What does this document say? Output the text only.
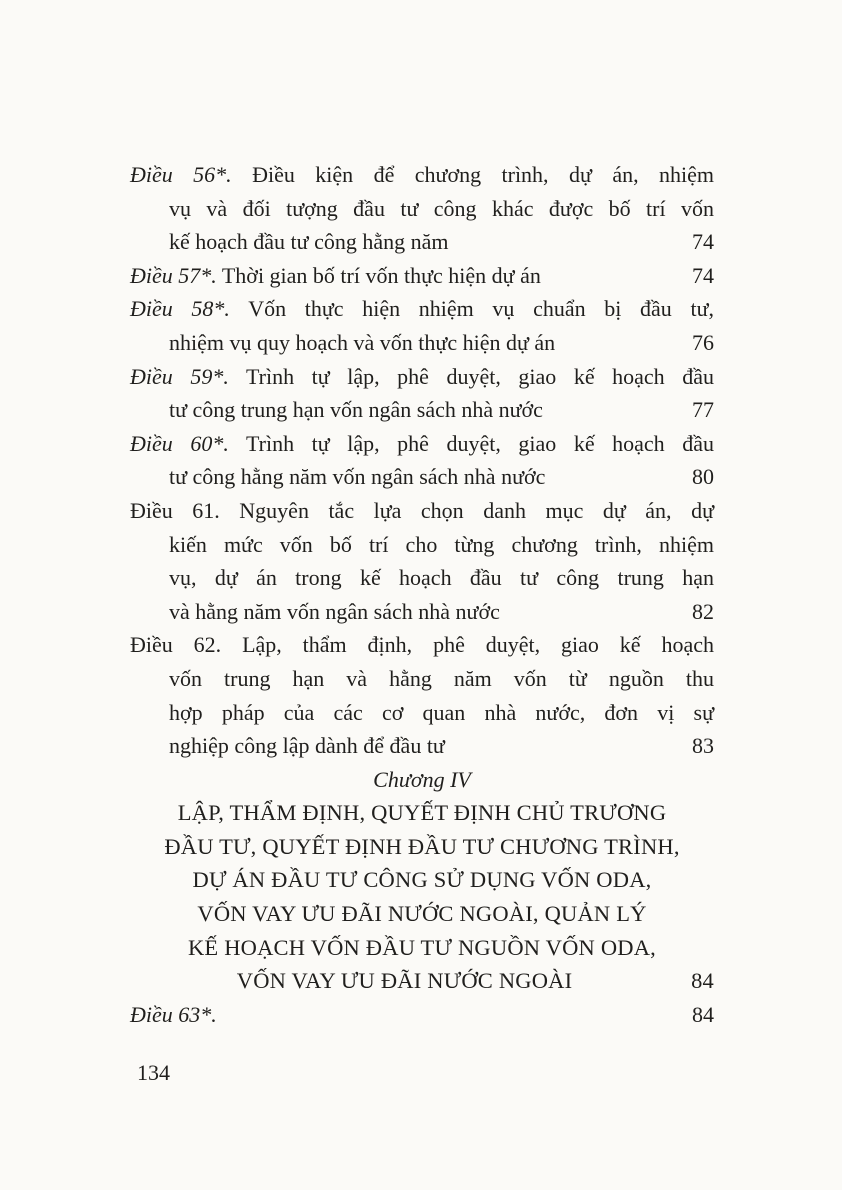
Điều 56*. Điều kiện để chương trình, dự án, nhiệm
vụ và đối tượng đầu tư công khác được bố trí vốn
kế hoạch đầu tư công hằng năm	74
Điều 57*. Thời gian bố trí vốn thực hiện dự án	74
Điều 58*. Vốn thực hiện nhiệm vụ chuẩn bị đầu tư,
nhiệm vụ quy hoạch và vốn thực hiện dự án	76
Điều 59*. Trình tự lập, phê duyệt, giao kế hoạch đầu
tư công trung hạn vốn ngân sách nhà nước	77
Điều 60*. Trình tự lập, phê duyệt, giao kế hoạch đầu
tư công hằng năm vốn ngân sách nhà nước	80
Điều 61. Nguyên tắc lựa chọn danh mục dự án, dự
kiến mức vốn bố trí cho từng chương trình, nhiệm
vụ, dự án trong kế hoạch đầu tư công trung hạn
và hằng năm vốn ngân sách nhà nước	82
Điều 62. Lập, thẩm định, phê duyệt, giao kế hoạch
vốn trung hạn và hằng năm vốn từ nguồn thu
hợp pháp của các cơ quan nhà nước, đơn vị sự
nghiệp công lập dành để đầu tư	83
Chương IV
LẬP, THẨM ĐỊNH, QUYẾT ĐỊNH CHỦ TRƯƠNG
ĐẦU TƯ, QUYẾT ĐỊNH ĐẦU TƯ CHƯƠNG TRÌNH,
DỰ ÁN ĐẦU TƯ CÔNG SỬ DỤNG VỐN ODA,
VỐN VAY ƯU ĐÃI NƯỚC NGOÀI, QUẢN LÝ
KẾ HOẠCH VỐN ĐẦU TƯ NGUỒN VỐN ODA,
VỐN VAY ƯU ĐÃI NƯỚC NGOÀI	84
Điều 63*.	84
134
